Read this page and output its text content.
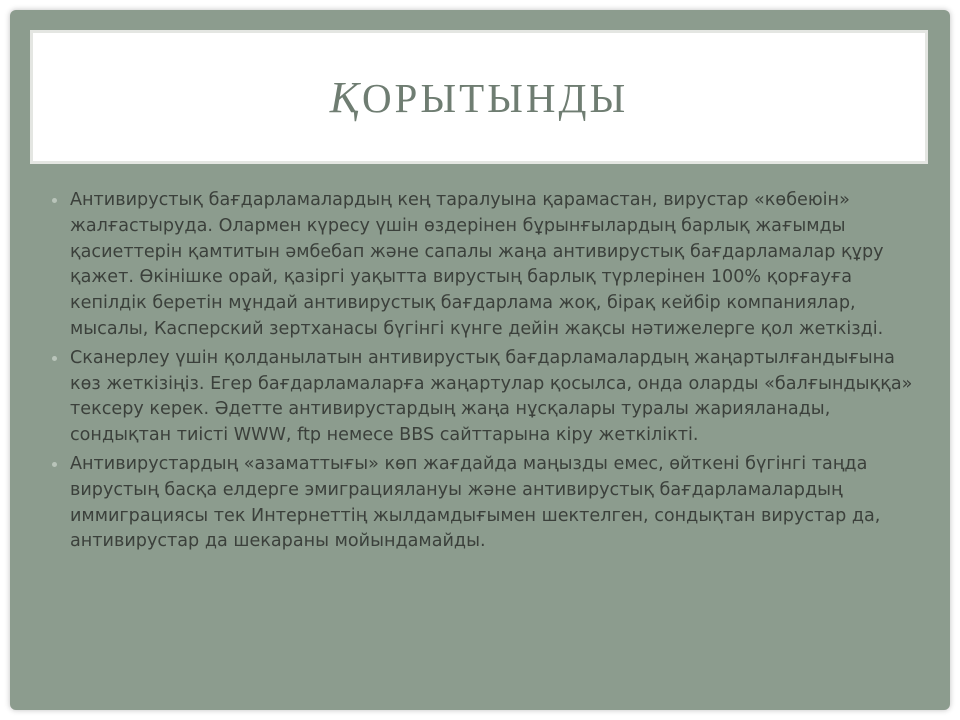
ҚОРЫТЫНДЫ
Антивирустық бағдарламалардың кең таралуына қарамастан, вирустар «көбеюін» жалғастыруда. Олармен күресу үшін өздерінен бұрынғылардың барлық жағымды қасиеттерін қамтитын әмбебап және сапалы жаңа антивирустық бағдарламалар құру қажет. Өкінішке орай, қазіргі уақытта вирустың барлық түрлерінен 100% қорғауға кепілдік беретін мұндай антивирустық бағдарлама жоқ, бірақ кейбір компаниялар, мысалы, Касперский зертханасы бүгінгі күнге дейін жақсы нәтижелерге қол жеткізді.
Сканерлеу үшін қолданылатын антивирустық бағдарламалардың жаңартылғандығына көз жеткізіңіз. Егер бағдарламаларға жаңартулар қосылса, онда оларды «балғындыққа» тексеру керек. Әдетте антивирустардың жаңа нұсқалары туралы жарияланады, сондықтан тиісті WWW, ftp немесе BBS сайттарына кіру жеткілікті.
Антивирустардың «азаматтығы» көп жағдайда маңызды емес, өйткені бүгінгі таңда вирустың басқа елдерге эмиграциялануы және антивирустық бағдарламалардың иммиграциясы тек Интернеттің жылдамдығымен шектелген, сондықтан вирустар да, антивирустар да шекараны мойындамайды.
